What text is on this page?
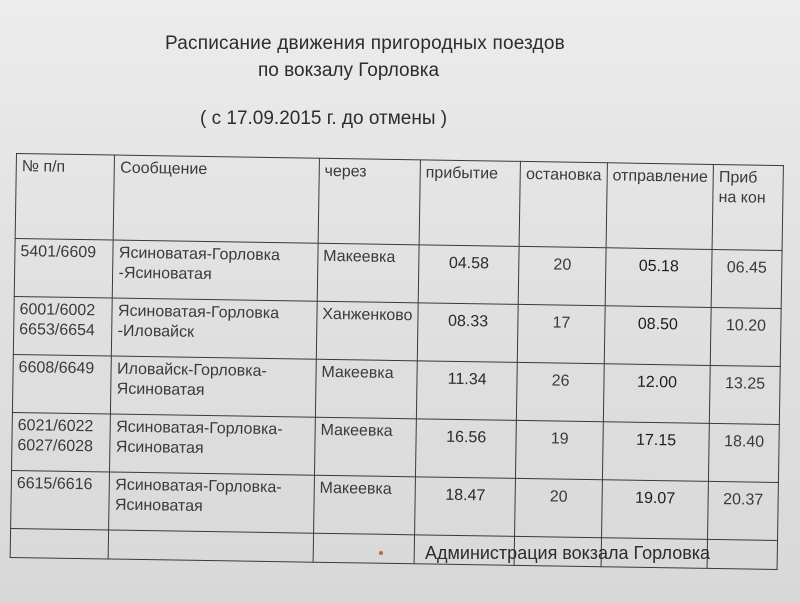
Расписание движения пригородных поездов
по вокзалу Горловка
( с 17.09.2015 г. до отмены )
№ п/п	Сообщение	через	прибытие	остановка	отправление	Приб на кон
5401/6609	Ясиноватая-Горловка -Ясиноватая	Макеевка	04.58	20	05.18	06.45
6001/6002 6653/6654	Ясиноватая-Горловка -Иловайск	Ханженково	08.33	17	08.50	10.20
6608/6649	Иловайск-Горловка-Ясиноватая	Макеевка	11.34	26	12.00	13.25
6021/6022 6027/6028	Ясиноватая-Горловка-Ясиноватая	Макеевка	16.56	19	17.15	18.40
6615/6616	Ясиноватая-Горловка-Ясиноватая	Макеевка	18.47	20	19.07	20.37

Администрация вокзала Горловка
